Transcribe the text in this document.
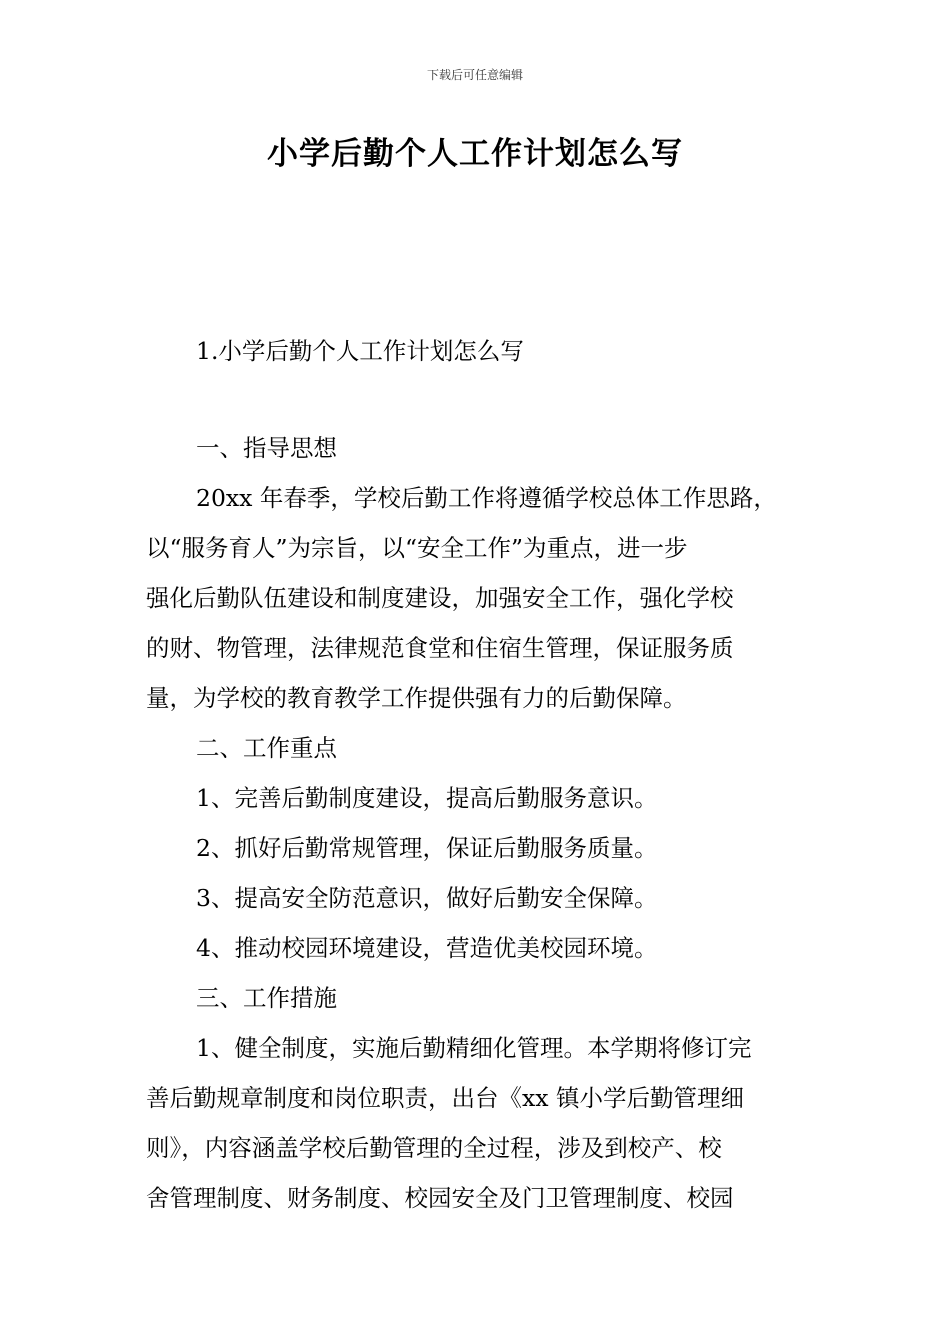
下载后可任意编辑
小学后勤个人工作计划怎么写
1.小学后勤个人工作计划怎么写
一、指导思想
20xx 年春季，学校后勤工作将遵循学校总体工作思路，
以“服务育人”为宗旨，以“安全工作”为重点，进一步
强化后勤队伍建设和制度建设，加强安全工作，强化学校
的财、物管理，法律规范食堂和住宿生管理，保证服务质
量，为学校的教育教学工作提供强有力的后勤保障。
二、工作重点
1、完善后勤制度建设，提高后勤服务意识。
2、抓好后勤常规管理，保证后勤服务质量。
3、提高安全防范意识，做好后勤安全保障。
4、推动校园环境建设，营造优美校园环境。
三、工作措施
1、健全制度，实施后勤精细化管理。本学期将修订完
善后勤规章制度和岗位职责，出台《xx 镇小学后勤管理细
则》，内容涵盖学校后勤管理的全过程，涉及到校产、校
舍管理制度、财务制度、校园安全及门卫管理制度、校园
